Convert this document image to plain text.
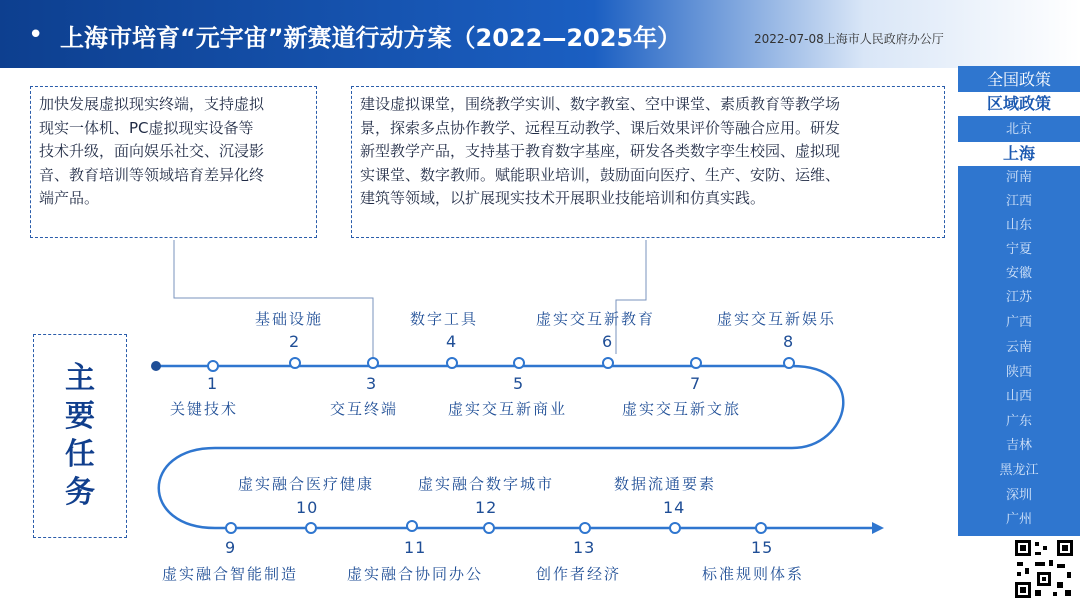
• 上海市培育“元宇宙”新赛道行动方案（2022—2025年）	2022-07-08上海市人民政府办公厅
加快发展虚拟现实终端，支持虚拟
现实一体机、PC虚拟现实设备等
技术升级，面向娱乐社交、沉浸影
音、教育培训等领域培育差异化终
端产品。
建设虚拟课堂，围绕教学实训、数字教室、空中课堂、素质教育等教学场
景，探索多点协作教学、远程互动教学、课后效果评价等融合应用。研发
新型教学产品，支持基于教育数字基座，研发各类数字孪生校园、虚拟现
实课堂、数字教师。赋能职业培训，鼓励面向医疗、生产、安防、运维、
建筑等领域，以扩展现实技术开展职业技能培训和仿真实践。
主
要
任
务
关键技术
1
基础设施
2
交互终端
3
数字工具
4
虚实交互新商业
5
虚实交互新教育
6
虚实交互新文旅
7
虚实交互新娱乐
8
虚实融合智能制造
9
虚实融合医疗健康
10
虚实融合协同办公
11
虚实融合数字城市
12
创作者经济
13
数据流通要素
14
标准规则体系
15
全国政策
区域政策
北京
上海
河南
江西
山东
宁夏
安徽
江苏
广西
云南
陕西
山西
广东
吉林
黑龙江
深圳
广州
